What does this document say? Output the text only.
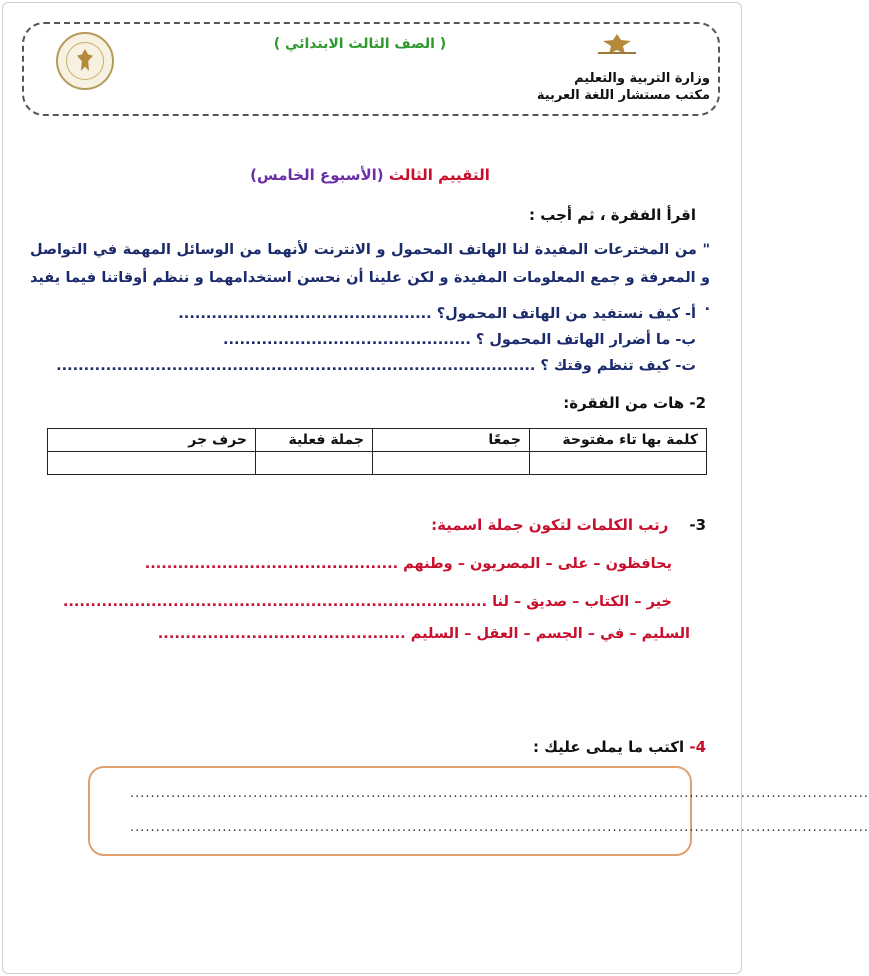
( الصف الثالث الابتدائي )
وزارة التربية والتعليم
مكتب مستشار اللغة العربية
التقييم الثالث (الأسبوع الخامس)
اقرأ الفقرة ، ثم أجب :
" من المخترعات المفيدة لنا الهاتف المحمول و الانترنت لأنهما من الوسائل المهمة في التواصل و المعرفة و جمع المعلومات المفيدة و لكن علينا أن نحسن استخدامهما و ننظم أوقاتنا فيما يفيد .
أ- كيف نستفيد من الهاتف المحمول؟ ..............................................
ب- ما أضرار الهاتف المحمول ؟ .............................................
ت- كيف تنظم وقتك ؟ .......................................................................................
2- هات من الفقرة:
كلمة بها تاء مفتوحة	جمعًا	جملة فعلية	حرف جر

3-    رتب الكلمات لتكون جملة اسمية:
يحافظون – على – المصريون – وطنهم ..............................................
خير – الكتاب – صديق – لنا .............................................................................
السليم – في – الجسم – العقل – السليم .............................................
4- اكتب ما يملى عليك :
................................................................................................................................................
................................................................................................................................................
